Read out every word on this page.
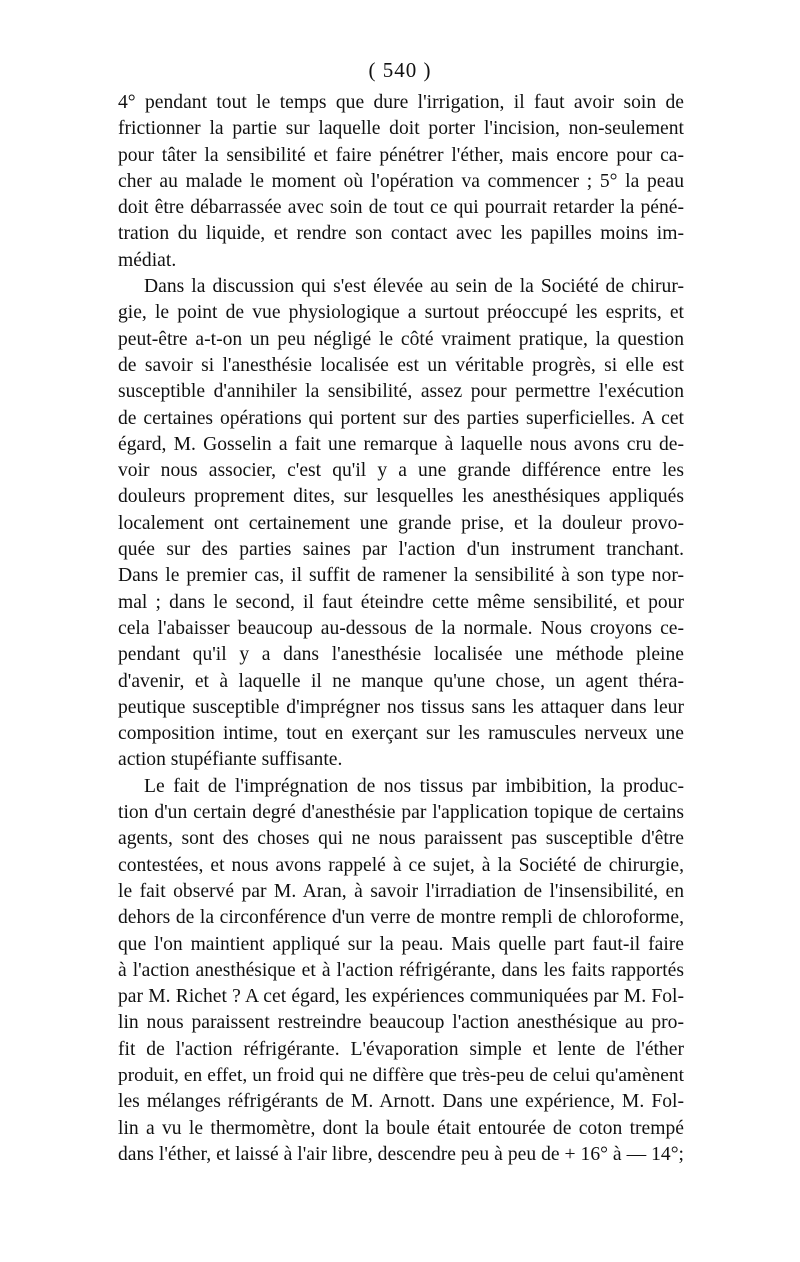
( 540 )
4° pendant tout le temps que dure l'irrigation, il faut avoir soin de
frictionner la partie sur laquelle doit porter l'incision, non-seulement
pour tâter la sensibilité et faire pénétrer l'éther, mais encore pour ca-
cher au malade le moment où l'opération va commencer ; 5° la peau
doit être débarrassée avec soin de tout ce qui pourrait retarder la péné-
tration du liquide, et rendre son contact avec les papilles moins im-
médiat.
Dans la discussion qui s'est élevée au sein de la Société de chirur-
gie, le point de vue physiologique a surtout préoccupé les esprits, et
peut-être a-t-on un peu négligé le côté vraiment pratique, la question
de savoir si l'anesthésie localisée est un véritable progrès, si elle est
susceptible d'annihiler la sensibilité, assez pour permettre l'exécution
de certaines opérations qui portent sur des parties superficielles. A cet
égard, M. Gosselin a fait une remarque à laquelle nous avons cru de-
voir nous associer, c'est qu'il y a une grande différence entre les
douleurs proprement dites, sur lesquelles les anesthésiques appliqués
localement ont certainement une grande prise, et la douleur provo-
quée sur des parties saines par l'action d'un instrument tranchant.
Dans le premier cas, il suffit de ramener la sensibilité à son type nor-
mal ; dans le second, il faut éteindre cette même sensibilité, et pour
cela l'abaisser beaucoup au-dessous de la normale. Nous croyons ce-
pendant qu'il y a dans l'anesthésie localisée une méthode pleine
d'avenir, et à laquelle il ne manque qu'une chose, un agent théra-
peutique susceptible d'imprégner nos tissus sans les attaquer dans leur
composition intime, tout en exerçant sur les ramuscules nerveux une
action stupéfiante suffisante.
Le fait de l'imprégnation de nos tissus par imbibition, la produc-
tion d'un certain degré d'anesthésie par l'application topique de certains
agents, sont des choses qui ne nous paraissent pas susceptible d'être
contestées, et nous avons rappelé à ce sujet, à la Société de chirurgie,
le fait observé par M. Aran, à savoir l'irradiation de l'insensibilité, en
dehors de la circonférence d'un verre de montre rempli de chloroforme,
que l'on maintient appliqué sur la peau. Mais quelle part faut-il faire
à l'action anesthésique et à l'action réfrigérante, dans les faits rapportés
par M. Richet ? A cet égard, les expériences communiquées par M. Fol-
lin nous paraissent restreindre beaucoup l'action anesthésique au pro-
fit de l'action réfrigérante. L'évaporation simple et lente de l'éther
produit, en effet, un froid qui ne diffère que très-peu de celui qu'amènent
les mélanges réfrigérants de M. Arnott. Dans une expérience, M. Fol-
lin a vu le thermomètre, dont la boule était entourée de coton trempé
dans l'éther, et laissé à l'air libre, descendre peu à peu de + 16° à — 14°;
